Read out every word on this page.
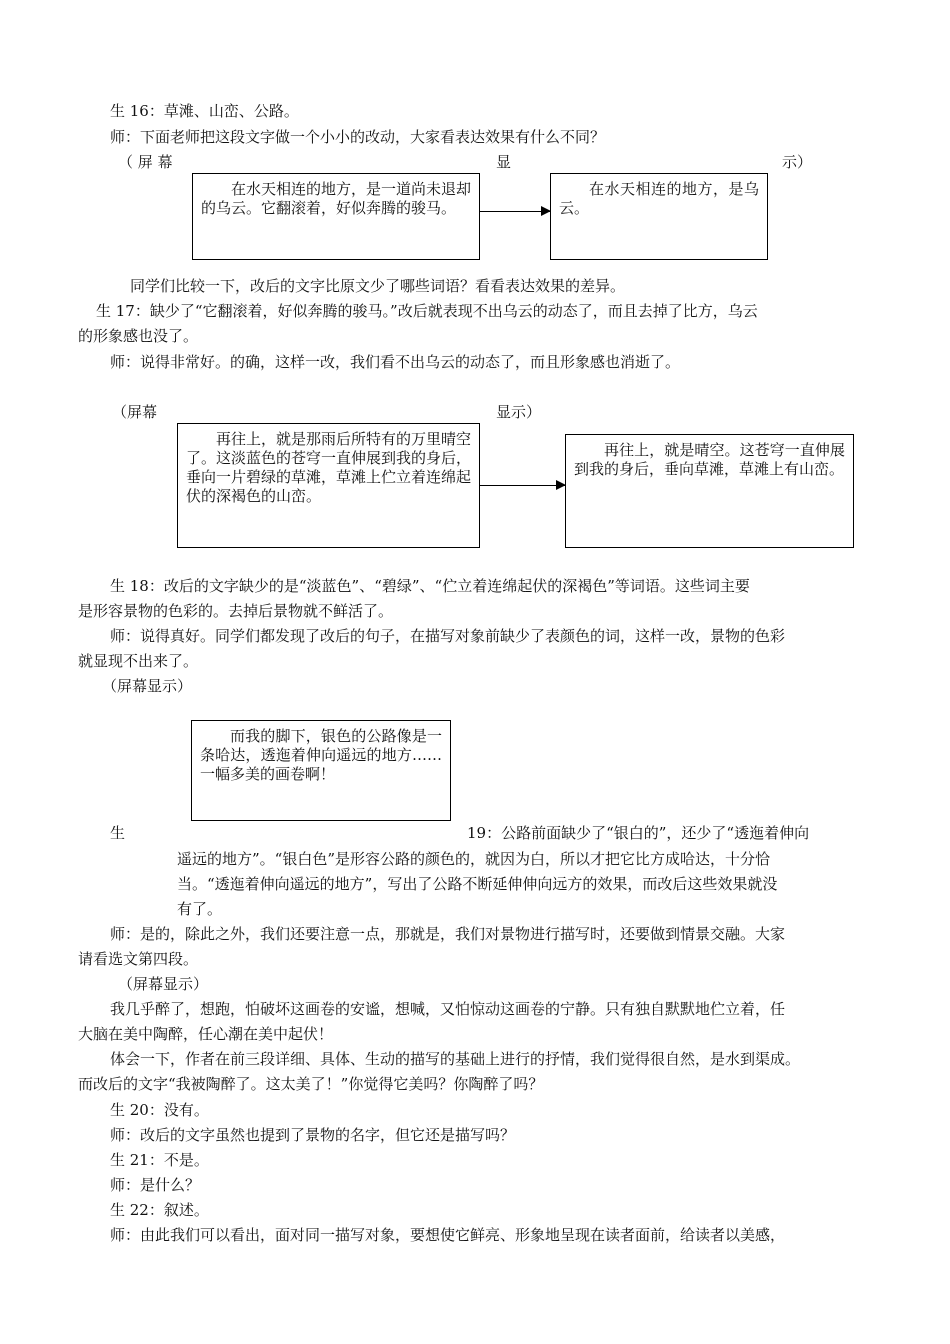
生 16：草滩、山峦、公路。
师：下面老师把这段文字做一个小小的改动，大家看表达效果有什么不同？
（ 屏 幕	显	示）

在水天相连的地方，是一道尚未退却的乌云。它翻滚着，好似奔腾的骏马。

在水天相连的地方，是乌云。

同学们比较一下，改后的文字比原文少了哪些词语？看看表达效果的差异。
生 17：缺少了“它翻滚着，好似奔腾的骏马。”改后就表现不出乌云的动态了，而且去掉了比方，乌云
的形象感也没了。
师：说得非常好。的确，这样一改，我们看不出乌云的动态了，而且形象感也消逝了。
（屏幕	显示）

再往上，就是那雨后所特有的万里晴空了。这淡蓝色的苍穹一直伸展到我的身后，垂向一片碧绿的草滩，草滩上伫立着连绵起伏的深褐色的山峦。

再往上，就是晴空。这苍穹一直伸展到我的身后，垂向草滩，草滩上有山峦。

生 18：改后的文字缺少的是“淡蓝色”、“碧绿”、“伫立着连绵起伏的深褐色”等词语。这些词主要
是形容景物的色彩的。去掉后景物就不鲜活了。
师：说得真好。同学们都发现了改后的句子，在描写对象前缺少了表颜色的词，这样一改，景物的色彩
就显现不出来了。
（屏幕显示）

而我的脚下，银色的公路像是一条哈达，透迤着伸向遥远的地方……一幅多美的画卷啊！

生	19：公路前面缺少了“银白的”，还少了“透迤着伸向
遥远的地方”。“银白色”是形容公路的颜色的，就因为白，所以才把它比方成哈达，十分恰
当。“透迤着伸向遥远的地方”，写出了公路不断延伸伸向远方的效果，而改后这些效果就没
有了。
师：是的，除此之外，我们还要注意一点，那就是，我们对景物进行描写时，还要做到情景交融。大家
请看选文第四段。
（屏幕显示）
我几乎醉了，想跑，怕破坏这画卷的安谧，想喊，又怕惊动这画卷的宁静。只有独自默默地伫立着，任
大脑在美中陶醉，任心潮在美中起伏！
体会一下，作者在前三段详细、具体、生动的描写的基础上进行的抒情，我们觉得很自然，是水到渠成。
而改后的文字“我被陶醉了。这太美了！”你觉得它美吗？你陶醉了吗？
生 20：没有。
师：改后的文字虽然也提到了景物的名字，但它还是描写吗？
生 21：不是。
师：是什么？
生 22：叙述。
师：由此我们可以看出，面对同一描写对象，要想使它鲜亮、形象地呈现在读者面前，给读者以美感，
